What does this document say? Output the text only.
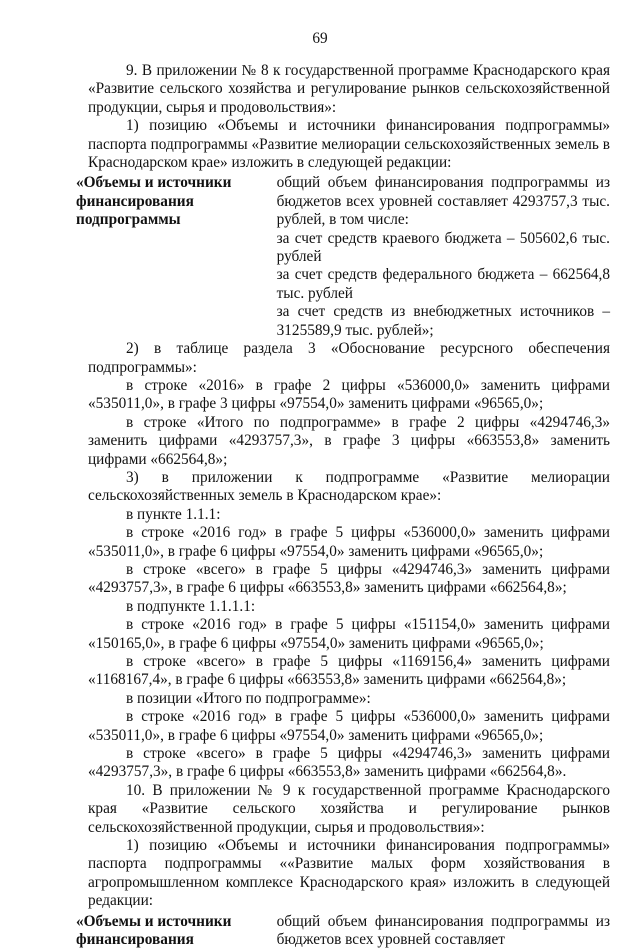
69

9. В приложении № 8 к государственной программе Краснодарского края «Развитие сельского хозяйства и регулирование рынков сельскохозяйственной продукции, сырья и продовольствия»:

1) позицию «Объемы и источники финансирования подпрограммы» паспорта подпрограммы «Развитие мелиорации сельскохозяйственных земель в Краснодарском крае» изложить в следующей редакции:

«Объемы и источники финансирования подпрограммы

общий объем финансирования подпрограммы из бюджетов всех уровней составляет 4293757,3 тыс. рублей, в том числе:

за счет средств краевого бюджета – 505602,6 тыс. рублей

за счет средств федерального бюджета – 662564,8 тыс. рублей

за счет средств из внебюджетных источников – 3125589,9 тыс. рублей»;

2) в таблице раздела 3 «Обоснование ресурсного обеспечения подпрограммы»:

в строке «2016» в графе 2 цифры «536000,0» заменить цифрами «535011,0», в графе 3 цифры «97554,0» заменить цифрами «96565,0»;

в строке «Итого по подпрограмме» в графе 2 цифры «4294746,3» заменить цифрами «4293757,3», в графе 3 цифры «663553,8» заменить цифрами «662564,8»;

3) в приложении к подпрограмме «Развитие мелиорации сельскохозяйственных земель в Краснодарском крае»:

в пункте 1.1.1:

в строке «2016 год» в графе 5 цифры «536000,0» заменить цифрами «535011,0», в графе 6 цифры «97554,0» заменить цифрами «96565,0»;

в строке «всего» в графе 5 цифры «4294746,3» заменить цифрами «4293757,3», в графе 6 цифры «663553,8» заменить цифрами «662564,8»;

в подпункте 1.1.1.1:

в строке «2016 год» в графе 5 цифры «151154,0» заменить цифрами «150165,0», в графе 6 цифры «97554,0» заменить цифрами «96565,0»;

в строке «всего» в графе 5 цифры «1169156,4» заменить цифрами «1168167,4», в графе 6 цифры «663553,8» заменить цифрами «662564,8»;

в позиции «Итого по подпрограмме»:

в строке «2016 год» в графе 5 цифры «536000,0» заменить цифрами «535011,0», в графе 6 цифры «97554,0» заменить цифрами «96565,0»;

в строке «всего» в графе 5 цифры «4294746,3» заменить цифрами «4293757,3», в графе 6 цифры «663553,8» заменить цифрами «662564,8».

10. В приложении № 9 к государственной программе Краснодарского края «Развитие сельского хозяйства и регулирование рынков сельскохозяйственной продукции, сырья и продовольствия»:

1) позицию «Объемы и источники финансирования подпрограммы» паспорта подпрограммы ««Развитие малых форм хозяйствования в агропромышленном комплексе Краснодарского края» изложить в следующей редакции:

«Объемы и источники финансирования

общий объем финансирования подпрограммы из бюджетов всех уровней составляет
